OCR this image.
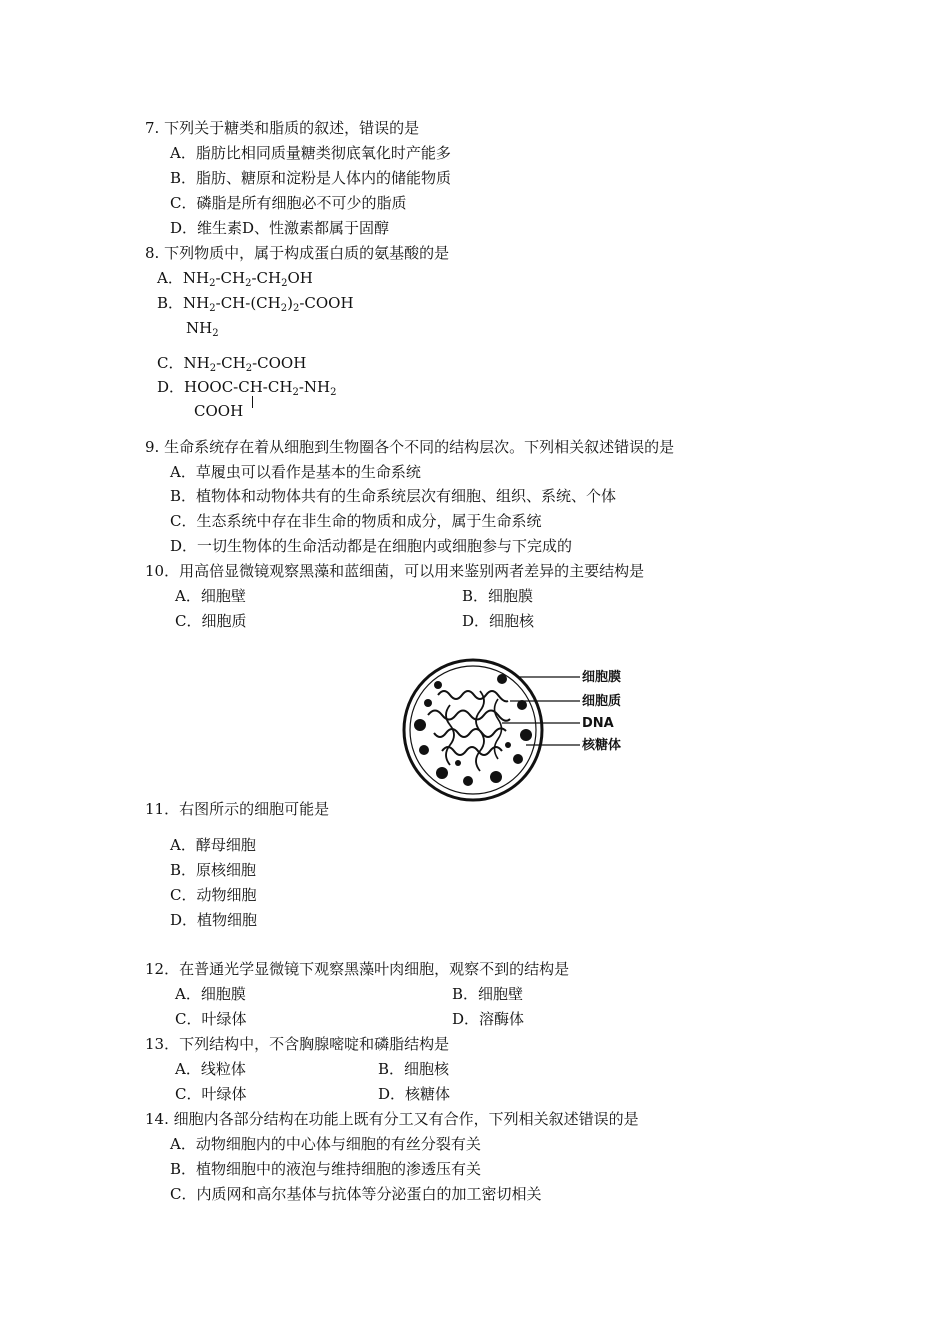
7. 下列关于糖类和脂质的叙述，错误的是
A．脂肪比相同质量糖类彻底氧化时产能多
B．脂肪、糖原和淀粉是人体内的储能物质
C．磷脂是所有细胞必不可少的脂质
D．维生素D、性激素都属于固醇
8. 下列物质中，属于构成蛋白质的氨基酸的是
A．$NH_2-CH_2-CH_2OH$
B．$NH_2-CH-(CH_2)_2$-COOH
$NH_2$
C．$NH_2-CH_2$-COOH
D．HOOC-$CH-CH_2-NH_2$
COOH
9. 生命系统存在着从细胞到生物圈各个不同的结构层次。下列相关叙述错误的是
A．草履虫可以看作是基本的生命系统
B．植物体和动物体共有的生命系统层次有细胞、组织、系统、个体
C．生态系统中存在非生命的物质和成分，属于生命系统
D．一切生物体的生命活动都是在细胞内或细胞参与下完成的
10．用高倍显微镜观察黑藻和蓝细菌，可以用来鉴别两者差异的主要结构是
A．细胞壁	B．细胞膜
C．细胞质	D．细胞核
细胞膜
细胞质
DNA
核糖体
11．右图所示的细胞可能是
A．酵母细胞
B．原核细胞
C．动物细胞
D．植物细胞
12．在普通光学显微镜下观察黑藻叶肉细胞，观察不到的结构是
A．细胞膜	B．细胞壁
C．叶绿体	D．溶酶体
13．下列结构中，不含胸腺嘧啶和磷脂结构是
A．线粒体	B．细胞核
C．叶绿体	D．核糖体
14. 细胞内各部分结构在功能上既有分工又有合作，下列相关叙述错误的是
A．动物细胞内的中心体与细胞的有丝分裂有关
B．植物细胞中的液泡与维持细胞的渗透压有关
C．内质网和高尔基体与抗体等分泌蛋白的加工密切相关
